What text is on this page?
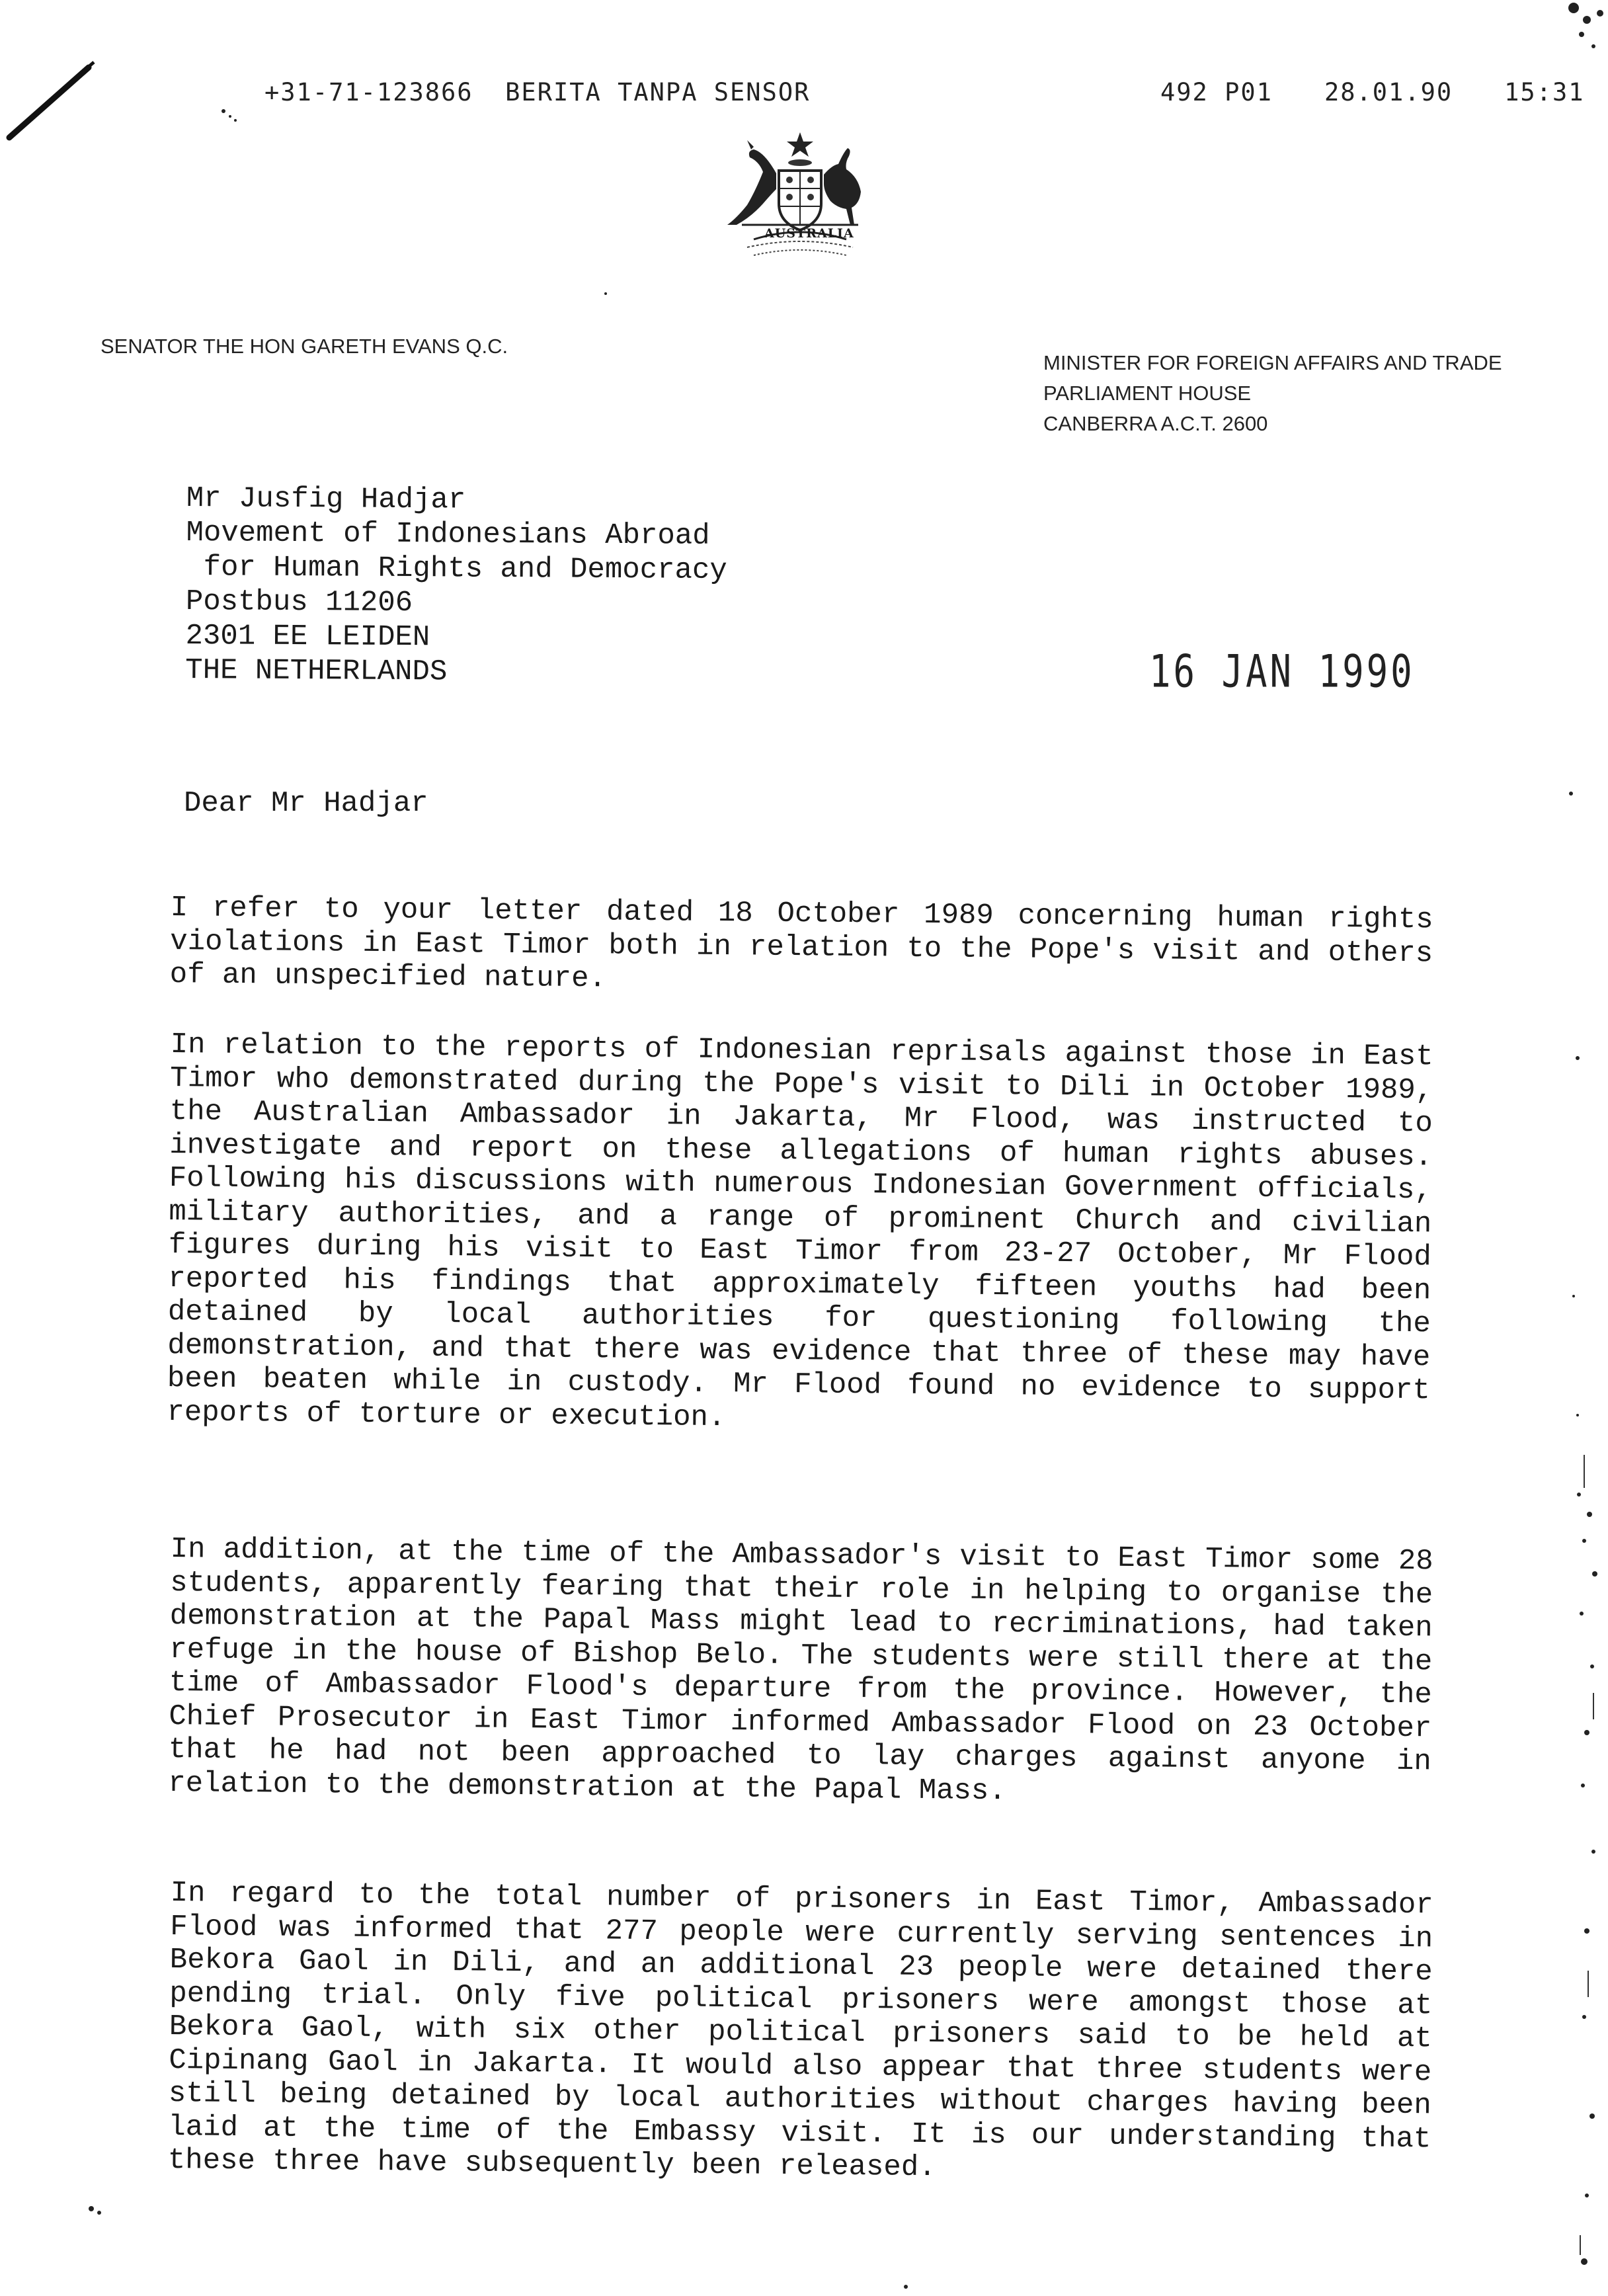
+31-71-123866 BERITA TANPA SENSOR	492 P01 28.01.90 15:31
AUSTRALIA
SENATOR THE HON GARETH EVANS Q.C.
MINISTER FOR FOREIGN AFFAIRS AND TRADE
PARLIAMENT HOUSE
CANBERRA A.C.T. 2600
Mr Jusfig Hadjar
Movement of Indonesians Abroad
for Human Rights and Democracy
Postbus 11206
2301 EE LEIDEN
THE NETHERLANDS	16 JAN 1990
Dear Mr Hadjar
I refer to your letter dated 18 October 1989 concerning human rights violations in East Timor both in relation to the Pope's visit and others of an unspecified nature.
In relation to the reports of Indonesian reprisals against those in East Timor who demonstrated during the Pope's visit to Dili in October 1989, the Australian Ambassador in Jakarta, Mr Flood, was instructed to investigate and report on these allegations of human rights abuses. Following his discussions with numerous Indonesian Government officials, military authorities, and a range of prominent Church and civilian figures during his visit to East Timor from 23-27 October, Mr Flood reported his findings that approximately fifteen youths had been detained by local authorities for questioning following the demonstration, and that there was evidence that three of these may have been beaten while in custody. Mr Flood found no evidence to support reports of torture or execution.
In addition, at the time of the Ambassador's visit to East Timor some 28 students, apparently fearing that their role in helping to organise the demonstration at the Papal Mass might lead to recriminations, had taken refuge in the house of Bishop Belo. The students were still there at the time of Ambassador Flood's departure from the province. However, the Chief Prosecutor in East Timor informed Ambassador Flood on 23 October that he had not been approached to lay charges against anyone in relation to the demonstration at the Papal Mass.
In regard to the total number of prisoners in East Timor, Ambassador Flood was informed that 277 people were currently serving sentences in Bekora Gaol in Dili, and an additional 23 people were detained there pending trial. Only five political prisoners were amongst those at Bekora Gaol, with six other political prisoners said to be held at Cipinang Gaol in Jakarta. It would also appear that three students were still being detained by local authorities without charges having been laid at the time of the Embassy visit. It is our understanding that these three have subsequently been released.
